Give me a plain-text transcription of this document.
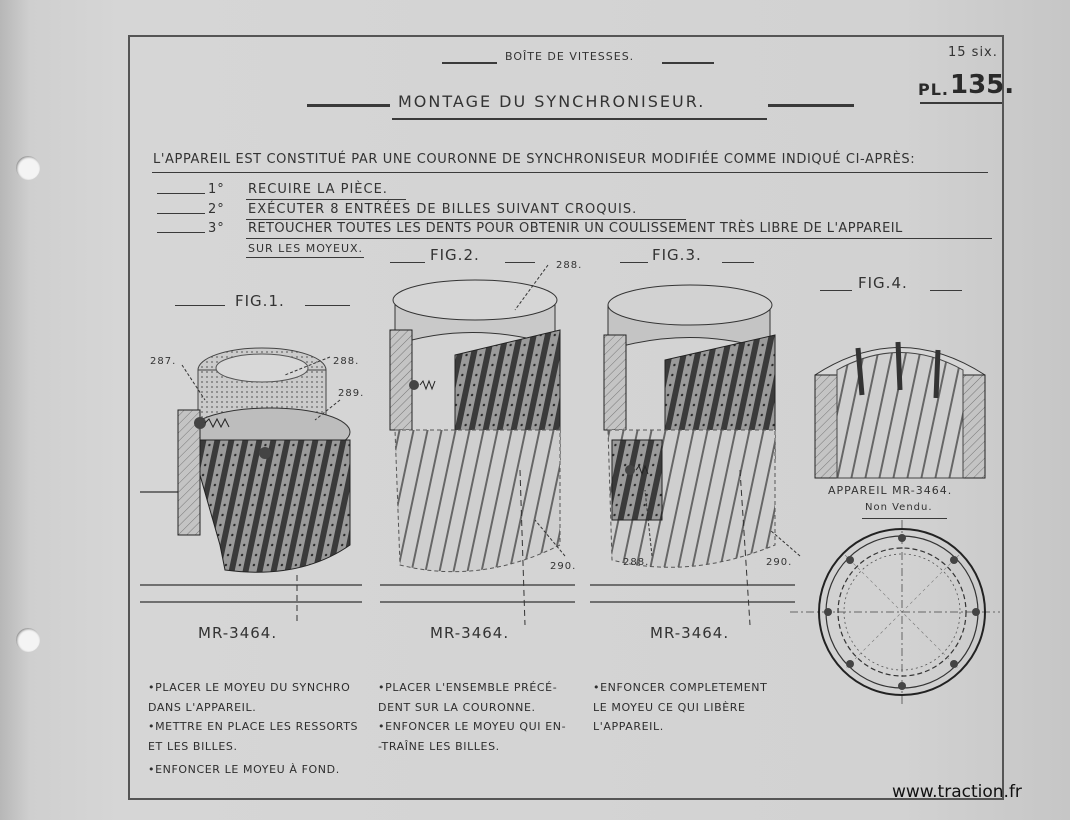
BOÎTE DE VITESSES.	15 six.
PL. 135.
MONTAGE DU SYNCHRONISEUR.
L'APPAREIL EST CONSTITUÉ PAR UNE COURONNE DE SYNCHRONISEUR MODIFIÉE COMME INDIQUÉ CI-APRÈS:
1° RECUIRE LA PIÈCE.
2° EXÉCUTER 8 ENTRÉES DE BILLES SUIVANT CROQUIS.
3° RETOUCHER TOUTES LES DENTS POUR OBTENIR UN COULISSEMENT TRÈS LIBRE DE L'APPAREIL
SUR LES MOYEUX.
FIG.1.
FIG.2.	FIG.3.
FIG.4.
287.	288.
289.
288.
290.	288.	290.
MR-3464.	MR-3464.	MR-3464.
APPAREIL MR-3464.
Non Vendu.
•PLACER LE MOYEU DU SYNCHRO
DANS L'APPAREIL.
•METTRE EN PLACE LES RESSORTS
ET LES BILLES.
•ENFONCER LE MOYEU À FOND.
•PLACER L'ENSEMBLE PRÉCÉ-
DENT SUR LA COURONNE.
•ENFONCER LE MOYEU QUI EN-
-TRAÎNE LES BILLES.
•ENFONCER COMPLETEMENT
LE MOYEU CE QUI LIBÈRE
L'APPAREIL.
www.traction.fr
